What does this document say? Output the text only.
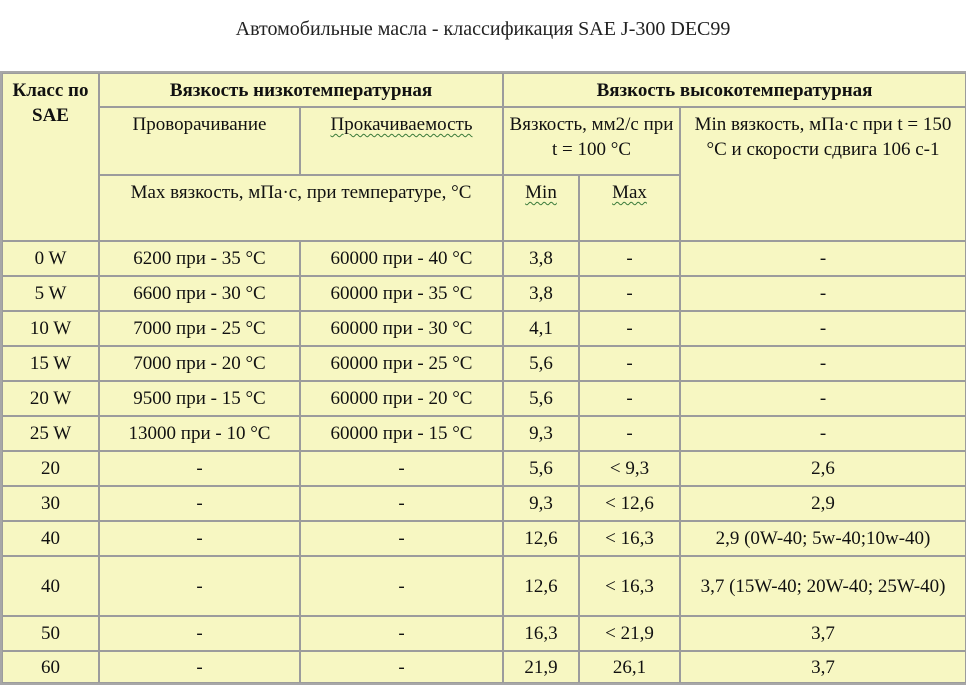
Автомобильные масла - классификация SAE J-300 DEC99
Класс по SAE	Вязкость низкотемпературная		Вязкость высокотемпературная		
	Проворачивание	Прокачиваемость	Вязкость, мм2/с при t = 100 °С		Min вязкость, мПа·с при t = 150 °С и скорости сдвига 106 с-1
	Max вязкость, мПа·с, при температуре, °С		Min	Max	
0 W	6200 при - 35 °С	60000 при - 40 °С	3,8	-	-
5 W	6600 при - 30 °С	60000 при - 35 °С	3,8	-	-
10 W	7000 при - 25 °С	60000 при - 30 °С	4,1	-	-
15 W	7000 при - 20 °С	60000 при - 25 °С	5,6	-	-
20 W	9500 при - 15 °С	60000 при - 20 °С	5,6	-	-
25 W	13000 при - 10 °С	60000 при - 15 °С	9,3	-	-
20	-	-	5,6	< 9,3	2,6
30	-	-	9,3	< 12,6	2,9
40	-	-	12,6	< 16,3	2,9 (0W-40; 5w-40;10w-40)
40	-	-	12,6	< 16,3	3,7 (15W-40; 20W-40; 25W-40)
50	-	-	16,3	< 21,9	3,7
60	-	-	21,9	26,1	3,7
